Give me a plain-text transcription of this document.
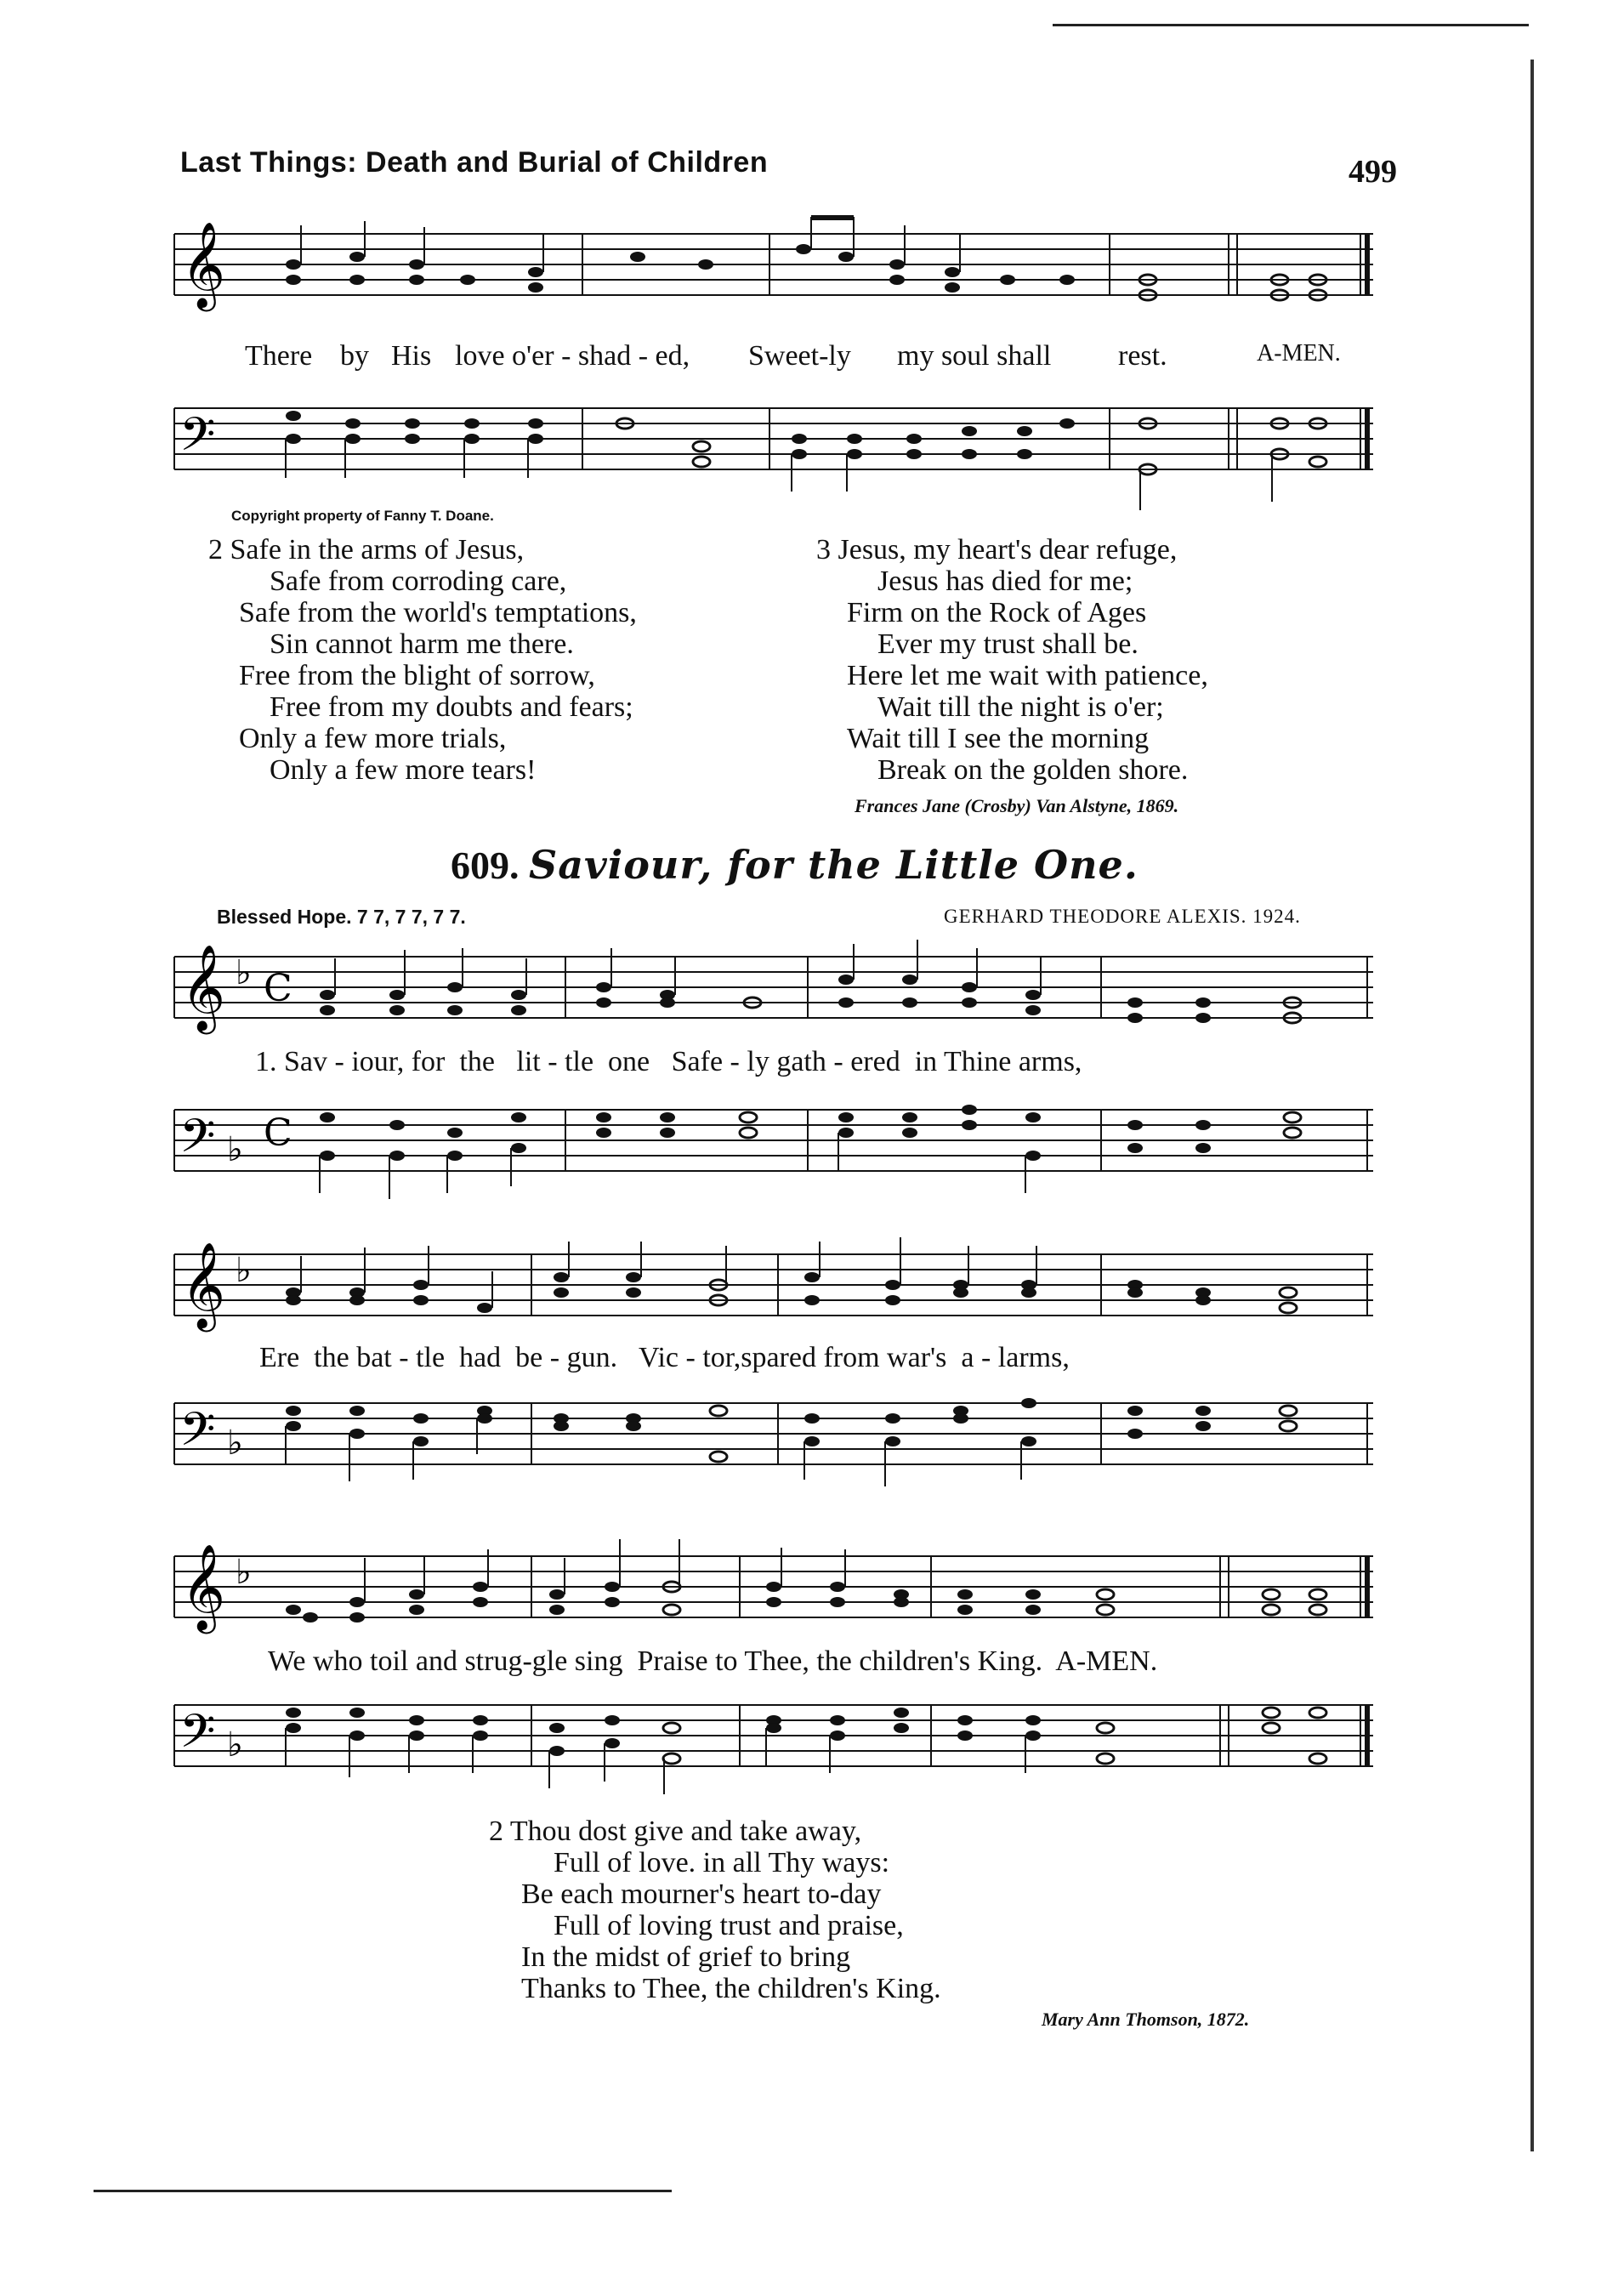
Last Things: Death and Burial of Children	499
𝄞
There by His love o'er - shad - ed, Sweet-ly my soul shall rest.	A-MEN.
𝄢
Copyright property of Fanny T. Doane.
2 Safe in the arms of Jesus,
Safe from corroding care,
Safe from the world's temptations,
Sin cannot harm me there.
Free from the blight of sorrow,
Free from my doubts and fears;
Only a few more trials,
Only a few more tears!
3 Jesus, my heart's dear refuge,
Jesus has died for me;
Firm on the Rock of Ages
Ever my trust shall be.
Here let me wait with patience,
Wait till the night is o'er;
Wait till I see the morning
Break on the golden shore.
Frances Jane (Crosby) Van Alstyne, 1869.
609. Saviour, for the Little One.
Blessed Hope. 7 7, 7 7, 7 7.	GERHARD THEODORE ALEXIS. 1924.
𝄞 ♭ C
1. Sav - iour, for  the   lit - tle  one   Safe - ly gath - ered  in Thine arms,
𝄢 ♭ C
𝄞 ♭
Ere  the bat - tle  had  be - gun.   Vic - tor,spared from war's  a - larms,
𝄢 ♭
𝄞 ♭
We who toil and strug-gle sing  Praise to Thee, the children's King.  A-MEN.
𝄢 ♭
2 Thou dost give and take away,
Full of love. in all Thy ways:
Be each mourner's heart to-day
Full of loving trust and praise,
In the midst of grief to bring
Thanks to Thee, the children's King.
Mary Ann Thomson, 1872.
